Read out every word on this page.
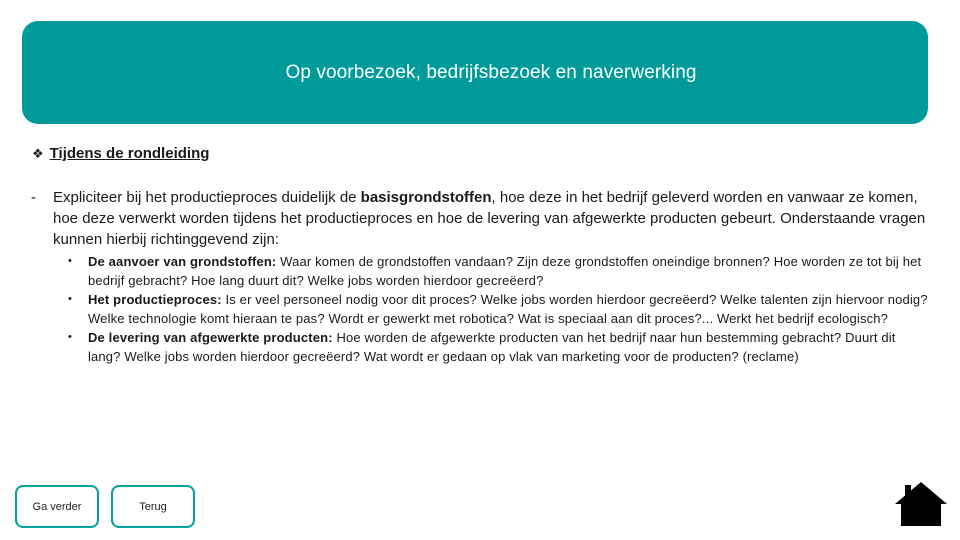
Op voorbezoek, bedrijfsbezoek en naverwerking
❖ Tijdens de rondleiding
- Expliciteer bij het productieproces duidelijk de basisgrondstoffen, hoe deze in het bedrijf geleverd worden en vanwaar ze komen, hoe deze verwerkt worden tijdens het productieproces en hoe de levering van afgewerkte producten gebeurt. Onderstaande vragen kunnen hierbij richtinggevend zijn:
• De aanvoer van grondstoffen: Waar komen de grondstoffen vandaan? Zijn deze grondstoffen oneindige bronnen? Hoe worden ze tot bij het bedrijf gebracht? Hoe lang duurt dit? Welke jobs worden hierdoor gecreëerd?
• Het productieproces: Is er veel personeel nodig voor dit proces? Welke jobs worden hierdoor gecreëerd? Welke talenten zijn hiervoor nodig? Welke technologie komt hieraan te pas? Wordt er gewerkt met robotica? Wat is speciaal aan dit proces?... Werkt het bedrijf ecologisch?
• De levering van afgewerkte producten: Hoe worden de afgewerkte producten van het bedrijf naar hun bestemming gebracht? Duurt dit lang? Welke jobs worden hierdoor gecreëerd? Wat wordt er gedaan op vlak van marketing voor de producten? (reclame)
Ga verder	Terug
